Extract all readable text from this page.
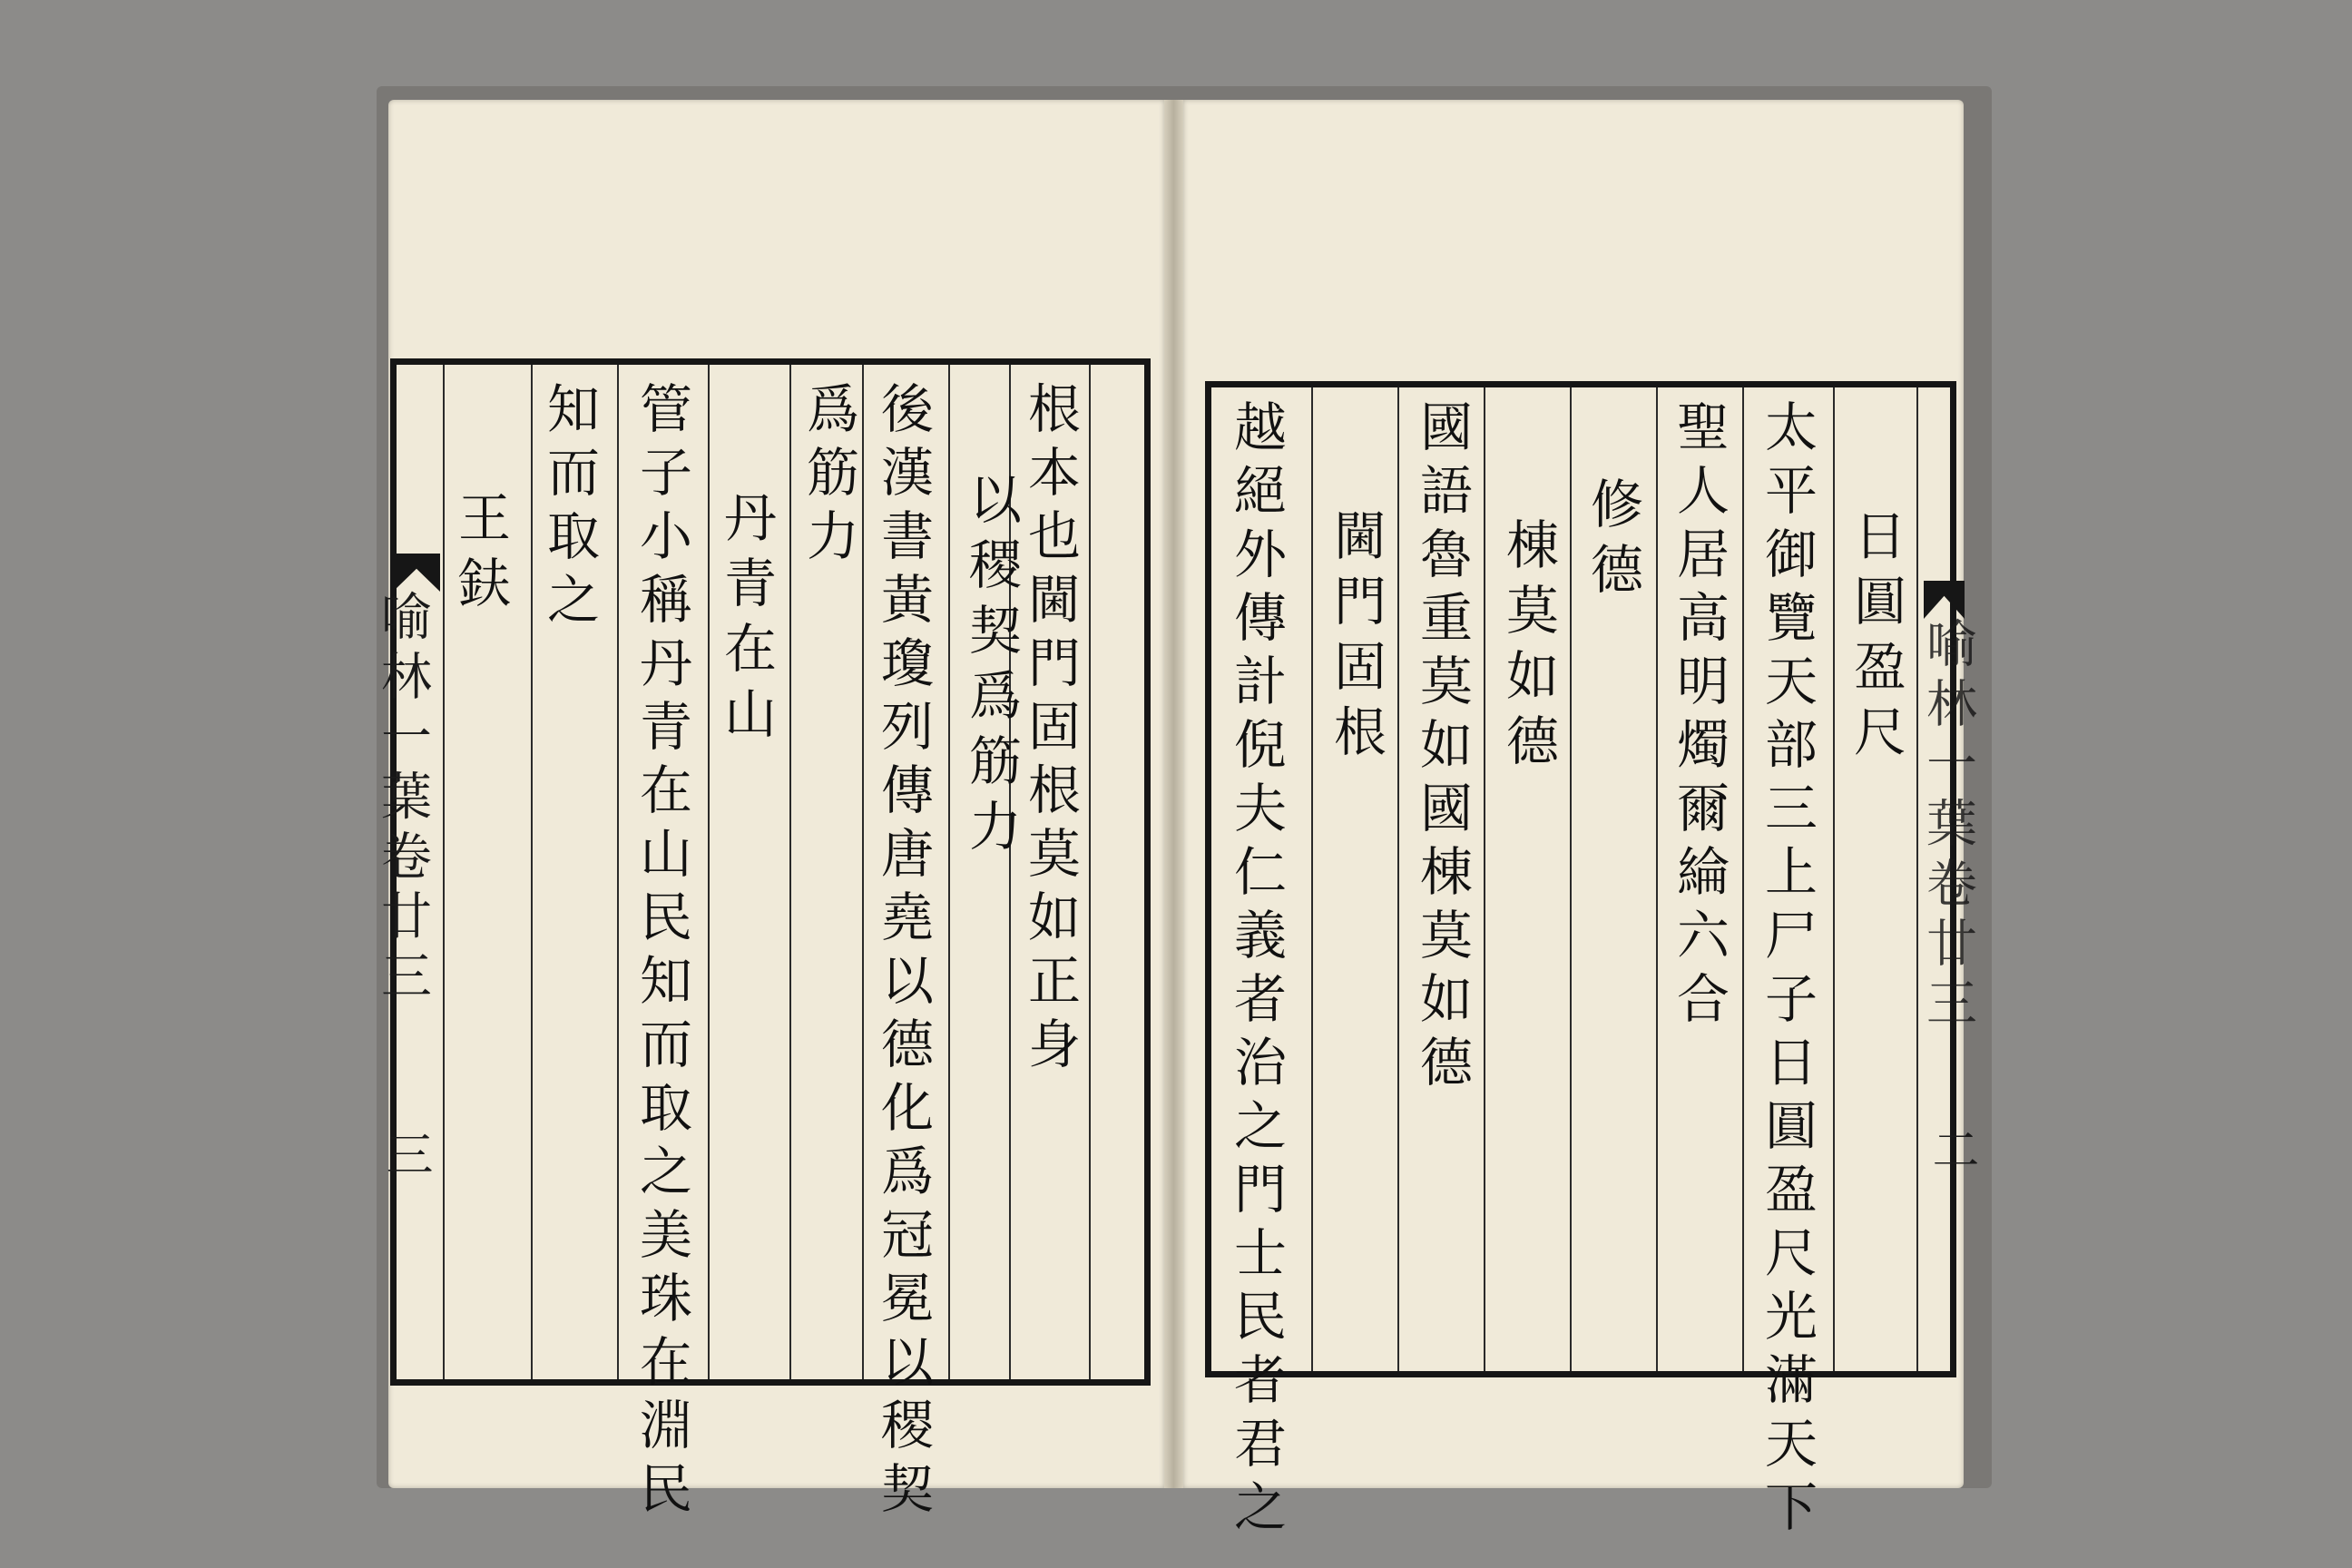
根本也閫門固根莫如正身
以稷契爲筋力
後漢書黃瓊列傳唐堯以德化爲冠冕以稷契
爲筋力
丹青在山
管子小稱丹青在山民知而取之美珠在淵民
知而取之
王鈇
喻林一葉卷廿三
三
日圓盈尺
太平御覽天部三上尸子日圓盈尺光滿天下
聖人居高明燭爾綸六合
修德
棟莫如德
國語魯重莫如國棟莫如德
閫門固根
越絕外傳計倪夫仁義者治之門士民者君之	喻林一葉卷廿三
二
